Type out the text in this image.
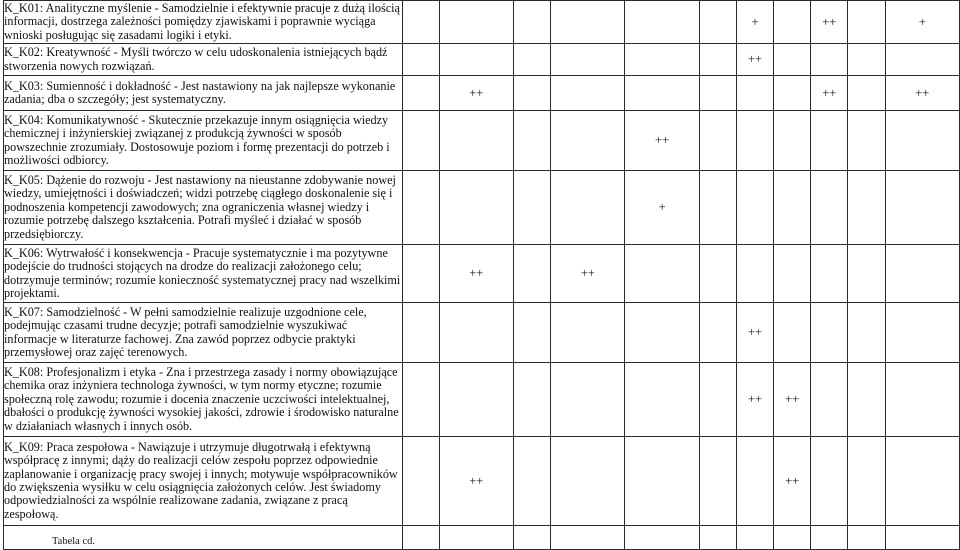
K_K01: Analityczne myślenie - Samodzielnie i efektywnie pracuje z dużą ilością informacji, dostrzega zależności pomiędzy zjawiskami i poprawnie wyciąga wnioski posługując się zasadami logiki i etyki.							+		++		+
K_K02: Kreatywność - Myśli twórczo w celu udoskonalenia istniejących bądź stworzenia nowych rozwiązań.							++				
K_K03: Sumienność i dokładność - Jest nastawiony na jak najlepsze wykonanie zadania; dba o szczegóły; jest systematyczny.		++							++		++
K_K04: Komunikatywność - Skutecznie przekazuje innym osiągnięcia wiedzy chemicznej i inżynierskiej związanej z produkcją żywności w sposób powszechnie zrozumiały. Dostosowuje poziom i formę prezentacji do potrzeb i możliwości odbiorcy.					++						
K_K05: Dążenie do rozwoju - Jest nastawiony na nieustanne zdobywanie nowej wiedzy, umiejętności i doświadczeń; widzi potrzebę ciągłego doskonalenie się i podnoszenia kompetencji zawodowych; zna ograniczenia własnej wiedzy i rozumie potrzebę dalszego kształcenia. Potrafi myśleć i działać w sposób przedsiębiorczy.					+						
K_K06: Wytrwałość i konsekwencja - Pracuje systematycznie i ma pozytywne podejście do trudności stojących na drodze do realizacji założonego celu; dotrzymuje terminów; rozumie konieczność systematycznej pracy nad wszelkimi projektami.		++		++							
K_K07: Samodzielność - W pełni samodzielnie realizuje uzgodnione cele, podejmując czasami trudne decyzje; potrafi samodzielnie wyszukiwać informacje w literaturze fachowej. Zna zawód poprzez odbycie praktyki przemysłowej oraz zajęć terenowych.							++				
K_K08: Profesjonalizm i etyka - Zna i przestrzega zasady i normy obowiązujące chemika oraz inżyniera technologa żywności, w tym normy etyczne; rozumie społeczną rolę zawodu; rozumie i docenia znaczenie uczciwości intelektualnej, dbałości o produkcję żywności wysokiej jakości, zdrowie i środowisko naturalne w działaniach własnych i innych osób.							++	++			
K_K09: Praca zespołowa - Nawiązuje i utrzymuje długotrwałą i efektywną współpracę z innymi; dąży do realizacji celów zespołu poprzez odpowiednie zaplanowanie i organizację pracy swojej i innych; motywuje współpracowników do zwiększenia wysiłku w celu osiągnięcia założonych celów. Jest świadomy odpowiedzialności za wspólnie realizowane zadania, związane z pracą zespołową.		++						++			

Tabela cd.
